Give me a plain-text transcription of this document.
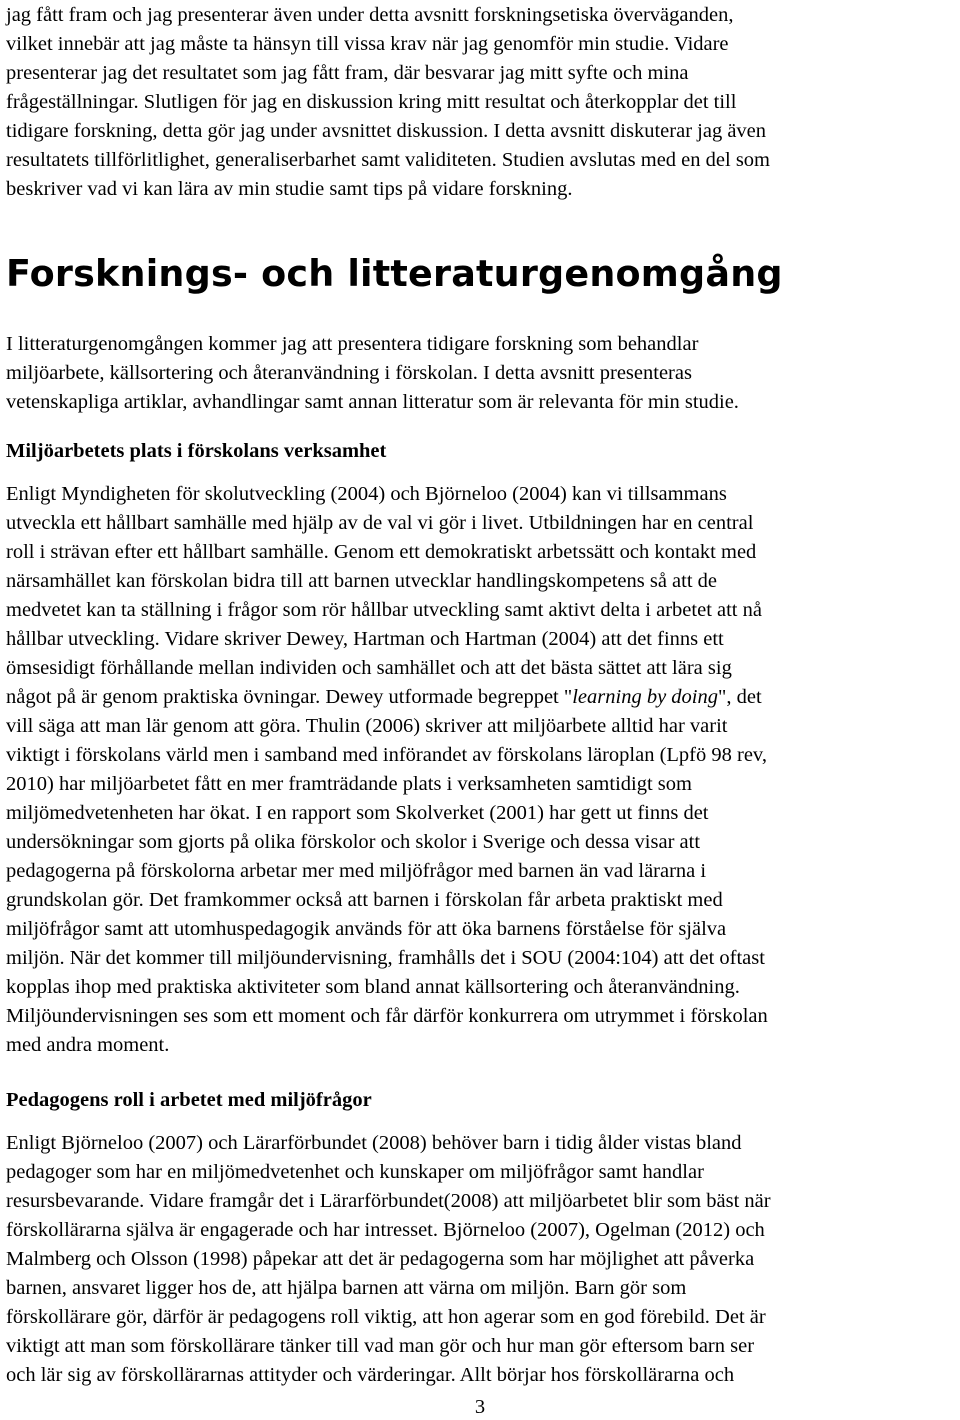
jag fått fram och jag presenterar även under detta avsnitt forskningsetiska överväganden,
vilket innebär att jag måste ta hänsyn till vissa krav när jag genomför min studie. Vidare
presenterar jag det resultatet som jag fått fram, där besvarar jag mitt syfte och mina
frågeställningar. Slutligen för jag en diskussion kring mitt resultat och återkopplar det till
tidigare forskning, detta gör jag under avsnittet diskussion. I detta avsnitt diskuterar jag även
resultatets tillförlitlighet, generaliserbarhet samt validiteten. Studien avslutas med en del som
beskriver vad vi kan lära av min studie samt tips på vidare forskning.

Forsknings- och litteraturgenomgång

I litteraturgenomgången kommer jag att presentera tidigare forskning som behandlar
miljöarbete, källsortering och återanvändning i förskolan. I detta avsnitt presenteras
vetenskapliga artiklar, avhandlingar samt annan litteratur som är relevanta för min studie.

Miljöarbetets plats i förskolans verksamhet

Enligt Myndigheten för skolutveckling (2004) och Björneloo (2004) kan vi tillsammans
utveckla ett hållbart samhälle med hjälp av de val vi gör i livet. Utbildningen har en central
roll i strävan efter ett hållbart samhälle. Genom ett demokratiskt arbetssätt och kontakt med
närsamhället kan förskolan bidra till att barnen utvecklar handlingskompetens så att de
medvetet kan ta ställning i frågor som rör hållbar utveckling samt aktivt delta i arbetet att nå
hållbar utveckling. Vidare skriver Dewey, Hartman och Hartman (2004) att det finns ett
ömsesidigt förhållande mellan individen och samhället och att det bästa sättet att lära sig
något på är genom praktiska övningar. Dewey utformade begreppet "learning by doing", det
vill säga att man lär genom att göra. Thulin (2006) skriver att miljöarbete alltid har varit
viktigt i förskolans värld men i samband med införandet av förskolans läroplan (Lpfö 98 rev,
2010) har miljöarbetet fått en mer framträdande plats i verksamheten samtidigt som
miljömedvetenheten har ökat. I en rapport som Skolverket (2001) har gett ut finns det
undersökningar som gjorts på olika förskolor och skolor i Sverige och dessa visar att
pedagogerna på förskolorna arbetar mer med miljöfrågor med barnen än vad lärarna i
grundskolan gör. Det framkommer också att barnen i förskolan får arbeta praktiskt med
miljöfrågor samt att utomhuspedagogik används för att öka barnens förståelse för själva
miljön. När det kommer till miljöundervisning, framhålls det i SOU (2004:104) att det oftast
kopplas ihop med praktiska aktiviteter som bland annat källsortering och återanvändning.
Miljöundervisningen ses som ett moment och får därför konkurrera om utrymmet i förskolan
med andra moment.

Pedagogens roll i arbetet med miljöfrågor

Enligt Björneloo (2007) och Lärarförbundet (2008) behöver barn i tidig ålder vistas bland
pedagoger som har en miljömedvetenhet och kunskaper om miljöfrågor samt handlar
resursbevarande. Vidare framgår det i Lärarförbundet(2008) att miljöarbetet blir som bäst när
förskollärarna själva är engagerade och har intresset. Björneloo (2007), Ogelman (2012) och
Malmberg och Olsson (1998) påpekar att det är pedagogerna som har möjlighet att påverka
barnen, ansvaret ligger hos de, att hjälpa barnen att värna om miljön. Barn gör som
förskollärare gör, därför är pedagogens roll viktig, att hon agerar som en god förebild. Det är
viktigt att man som förskollärare tänker till vad man gör och hur man gör eftersom barn ser
och lär sig av förskollärarnas attityder och värderingar. Allt börjar hos förskollärarna och

3
